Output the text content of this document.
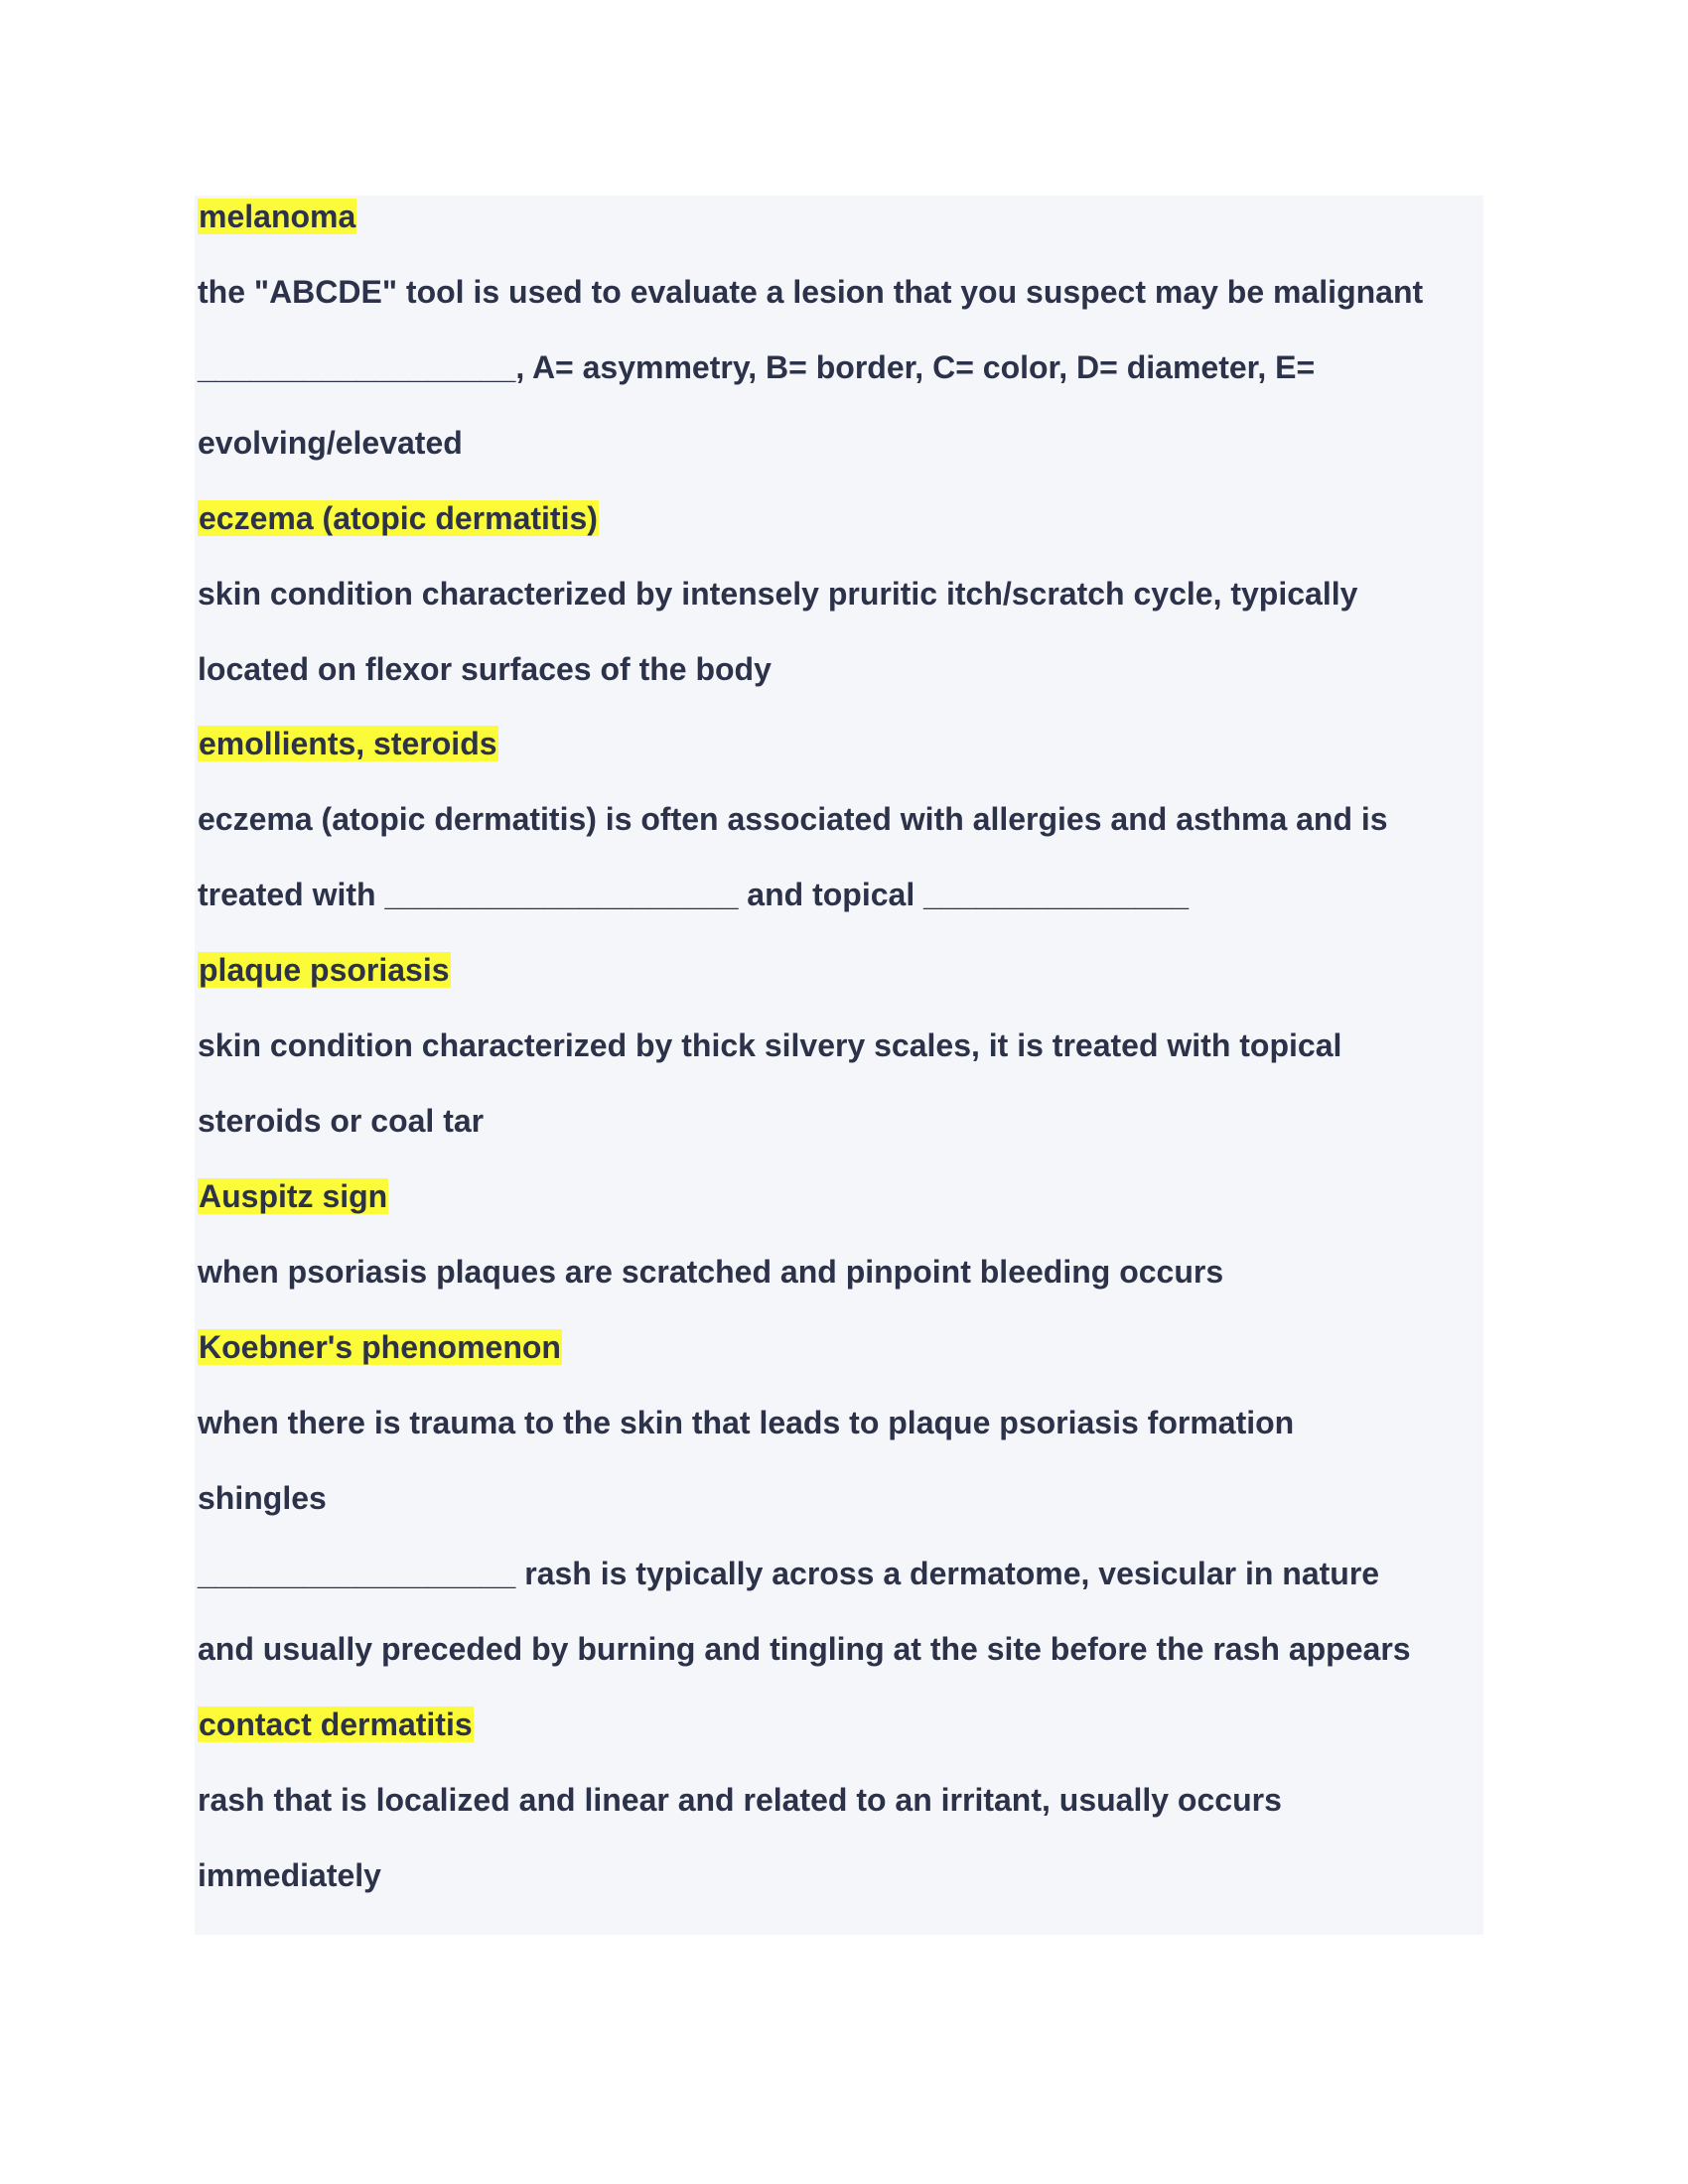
melanoma
the "ABCDE" tool is used to evaluate a lesion that you suspect may be malignant
__________________, A= asymmetry, B= border, C= color, D= diameter, E=
evolving/elevated
eczema (atopic dermatitis)
skin condition characterized by intensely pruritic itch/scratch cycle, typically
located on flexor surfaces of the body
emollients, steroids
eczema (atopic dermatitis) is often associated with allergies and asthma and is
treated with ____________________ and topical _______________
plaque psoriasis
skin condition characterized by thick silvery scales, it is treated with topical
steroids or coal tar
Auspitz sign
when psoriasis plaques are scratched and pinpoint bleeding occurs
Koebner's phenomenon
when there is trauma to the skin that leads to plaque psoriasis formation
shingles
__________________ rash is typically across a dermatome, vesicular in nature
and usually preceded by burning and tingling at the site before the rash appears
contact dermatitis
rash that is localized and linear and related to an irritant, usually occurs
immediately
